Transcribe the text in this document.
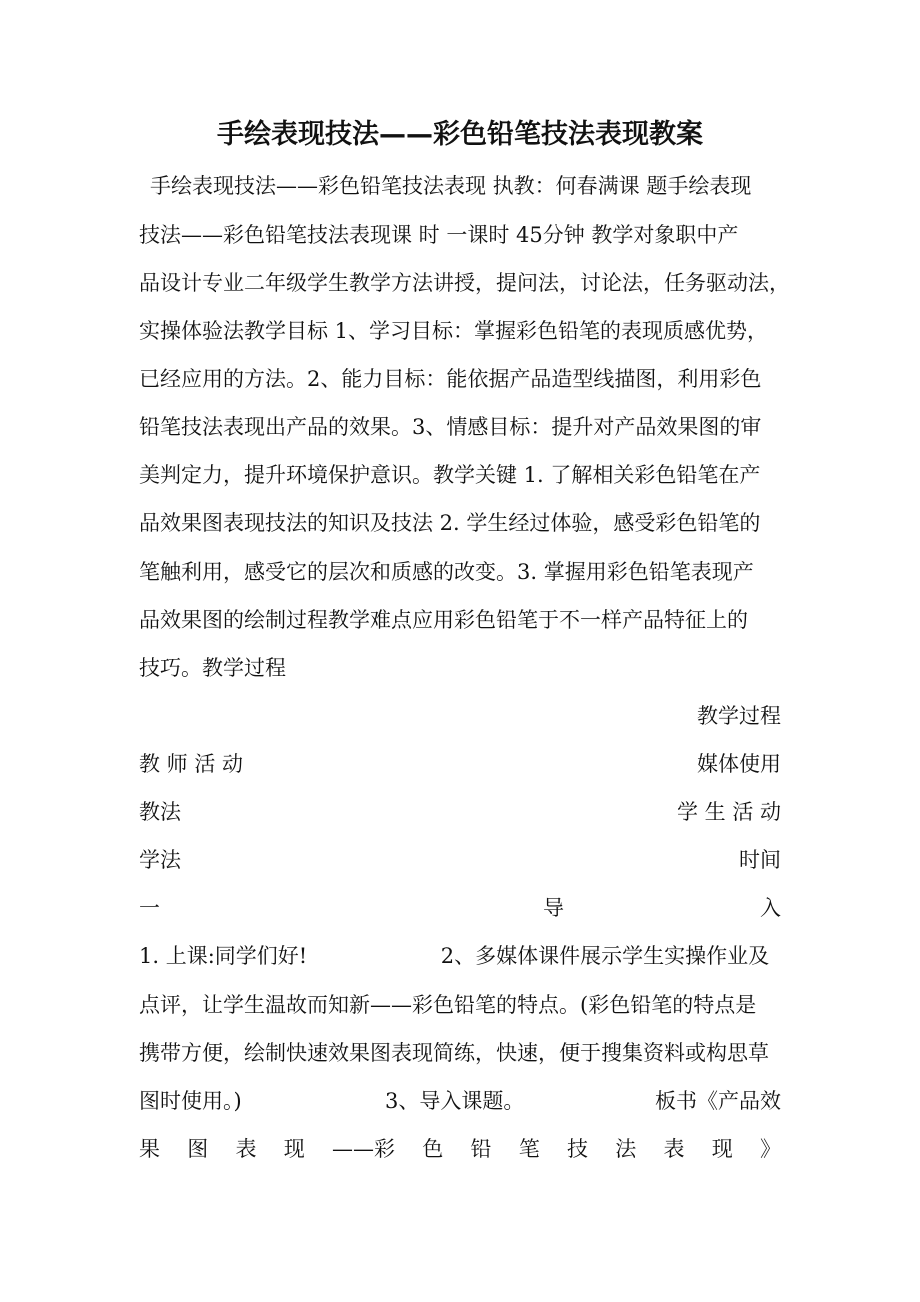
手绘表现技法——彩色铅笔技法表现教案
手绘表现技法——彩色铅笔技法表现 执教：何春满课 题手绘表现
技法——彩色铅笔技法表现课 时 一课时 45分钟 教学对象职中产
品设计专业二年级学生教学方法讲授，提问法，讨论法，任务驱动法，
实操体验法教学目标 1、学习目标：掌握彩色铅笔的表现质感优势，
已经应用的方法。2、能力目标：能依据产品造型线描图，利用彩色
铅笔技法表现出产品的效果。3、情感目标：提升对产品效果图的审
美判定力，提升环境保护意识。教学关键 1. 了解相关彩色铅笔在产
品效果图表现技法的知识及技法 2. 学生经过体验，感受彩色铅笔的
笔触利用，感受它的层次和质感的改变。3. 掌握用彩色铅笔表现产
品效果图的绘制过程教学难点应用彩色铅笔于不一样产品特征上的
技巧。教学过程
教学过程
教 师 活 动	媒体使用
教法	学 生 活 动
学法	时间
一	导	入
1. 上课:同学们好!                    2、多媒体课件展示学生实操作业及
点评，让学生温故而知新——彩色铅笔的特点。(彩色铅笔的特点是
携带方便，绘制快速效果图表现简练，快速，便于搜集资料或构思草
图时使用。)	3、导入课题。	板书《产品效
果 图 表 现 ——彩 色 铅 笔 技 法 表 现 》
